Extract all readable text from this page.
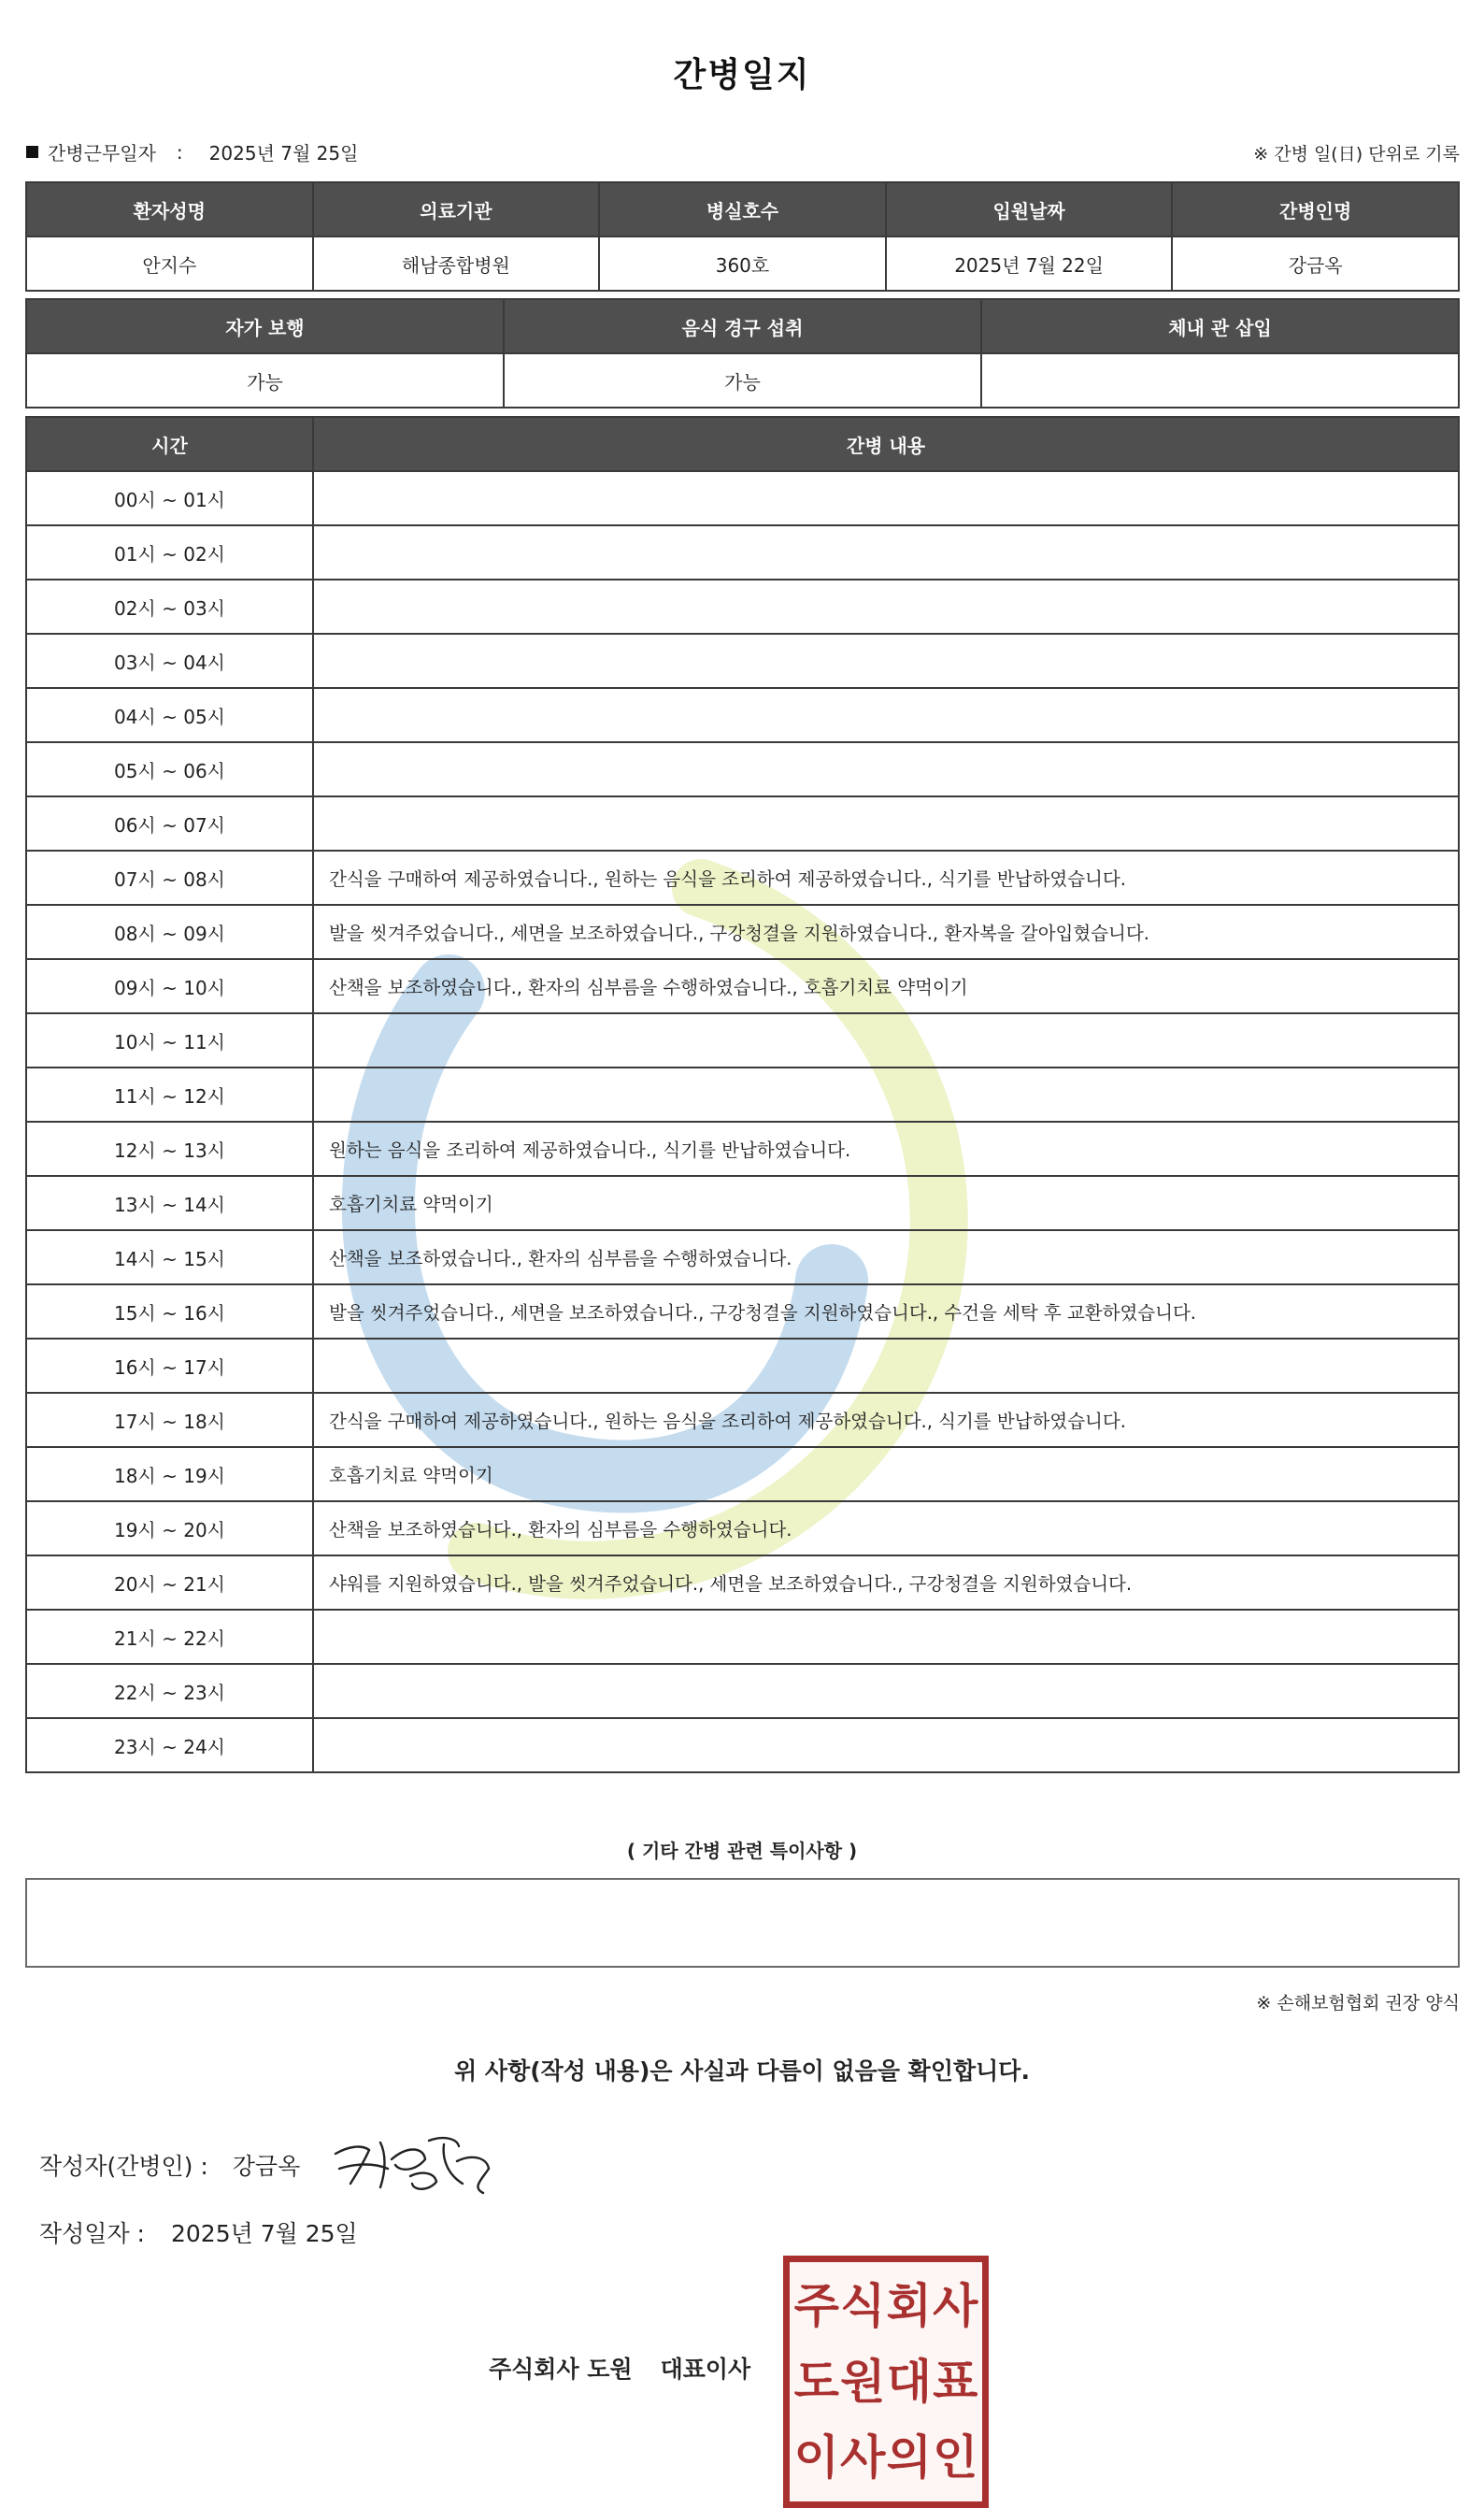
간병일지
간병근무일자 : 2025년 7월 25일	※ 간병 일(日) 단위로 기록
환자성명	의료기관	병실호수	입원날짜	간병인명
안지수	해남종합병원	360호	2025년 7월 22일	강금옥
자가 보행	음식 경구 섭취	체내 관 삽입
가능	가능	
시간	간병 내용
00시 ~ 01시	
01시 ~ 02시	
02시 ~ 03시	
03시 ~ 04시	
04시 ~ 05시	
05시 ~ 06시	
06시 ~ 07시	
07시 ~ 08시	간식을 구매하여 제공하였습니다., 원하는 음식을 조리하여 제공하였습니다., 식기를 반납하였습니다.
08시 ~ 09시	발을 씻겨주었습니다., 세면을 보조하였습니다., 구강청결을 지원하였습니다., 환자복을 갈아입혔습니다.
09시 ~ 10시	산책을 보조하였습니다., 환자의 심부름을 수행하였습니다., 호흡기치료 약먹이기
10시 ~ 11시	
11시 ~ 12시	
12시 ~ 13시	원하는 음식을 조리하여 제공하였습니다., 식기를 반납하였습니다.
13시 ~ 14시	호흡기치료 약먹이기
14시 ~ 15시	산책을 보조하였습니다., 환자의 심부름을 수행하였습니다.
15시 ~ 16시	발을 씻겨주었습니다., 세면을 보조하였습니다., 구강청결을 지원하였습니다., 수건을 세탁 후 교환하였습니다.
16시 ~ 17시	
17시 ~ 18시	간식을 구매하여 제공하였습니다., 원하는 음식을 조리하여 제공하였습니다., 식기를 반납하였습니다.
18시 ~ 19시	호흡기치료 약먹이기
19시 ~ 20시	산책을 보조하였습니다., 환자의 심부름을 수행하였습니다.
20시 ~ 21시	샤워를 지원하였습니다., 발을 씻겨주었습니다., 세면을 보조하였습니다., 구강청결을 지원하였습니다.
21시 ~ 22시	
22시 ~ 23시	
23시 ~ 24시	
( 기타 간병 관련 특이사항 )
※ 손해보험협회 권장 양식
위 사항(작성 내용)은 사실과 다름이 없음을 확인합니다.
작성자(간병인) : 강금옥
작성일자 : 2025년 7월 25일
주식회사 도원 대표이사
주 식 회 사
도 원 대 표
이 사 의 인
